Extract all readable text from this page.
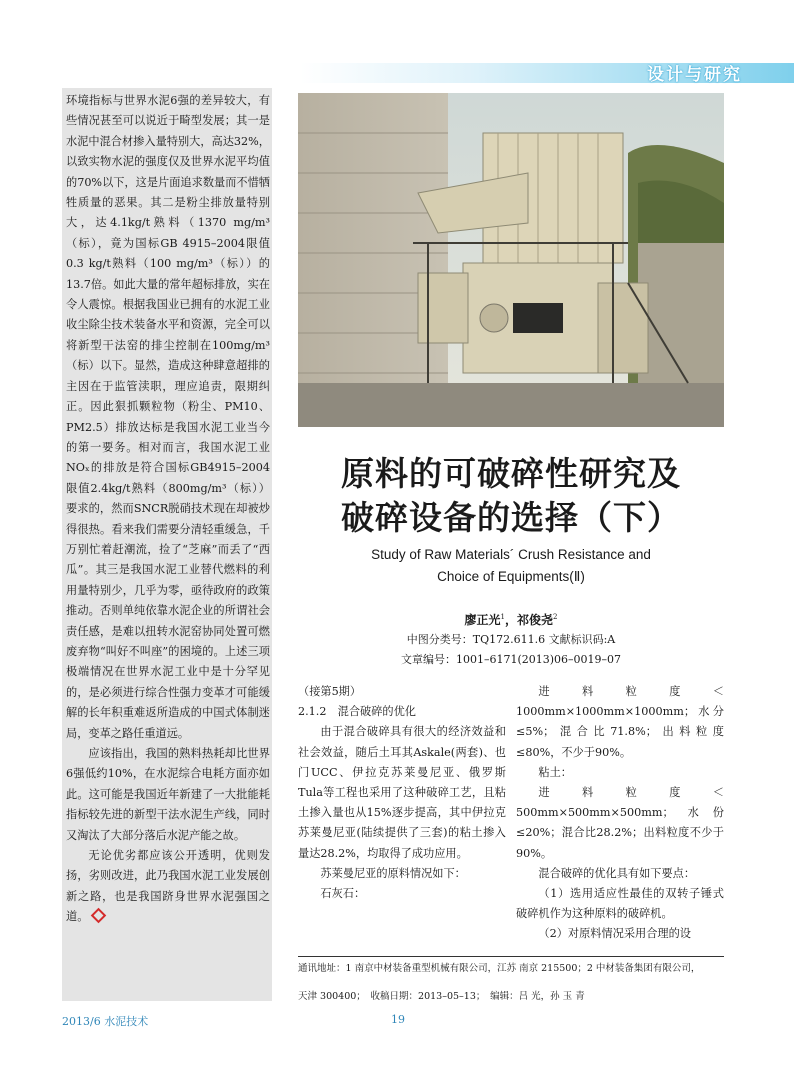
设计与研究

环境指标与世界水泥6强的差异较大，有些情况甚至可以说近于畸型发展；其一是水泥中混合材掺入量特别大，高达32%，以致实物水泥的强度仅及世界水泥平均值的70%以下，这是片面追求数量而不惜牺牲质量的恶果。其二是粉尘排放量特别大，达4.1kg/t熟料（1370 mg/m³（标），竟为国标GB 4915–2004限值0.3 kg/t熟料（100 mg/m³（标））的13.7倍。如此大量的常年超标排放，实在令人震惊。根据我国业已拥有的水泥工业收尘除尘技术装备水平和资源，完全可以将新型干法窑的排尘控制在100mg/m³（标）以下。显然，造成这种肆意超排的主因在于监管渎职，理应追责，限期纠正。因此狠抓颗粒物（粉尘、PM10、PM2.5）排放达标是我国水泥工业当今的第一要务。相对而言，我国水泥工业NOₓ的排放是符合国标GB4915–2004限值2.4kg/t熟料（800mg/m³（标））要求的，然而SNCR脱硝技术现在却被炒得很热。看来我们需要分清轻重缓急，千万别忙着赶潮流，捡了“芝麻”而丢了“西瓜”。其三是我国水泥工业替代燃料的利用量特别少，几乎为零，亟待政府的政策推动。否则单纯依靠水泥企业的所谓社会责任感，是难以扭转水泥窑协同处置可燃废弃物“叫好不叫座”的困境的。上述三项极端情况在世界水泥工业中是十分罕见的，是必须进行综合性强力变革才可能缓解的长年积重难返所造成的中国式体制迷局，变革之路任重道远。

应该指出，我国的熟料热耗却比世界6强低约10%，在水泥综合电耗方面亦如此。这可能是我国近年新建了一大批能耗指标较先进的新型干法水泥生产线，同时又淘汰了大部分落后水泥产能之故。

无论优劣都应该公开透明，优则发扬，劣则改进，此乃我国水泥工业发展创新之路，也是我国跻身世界水泥强国之道。

原料的可破碎性研究及
破碎设备的选择（下）
Study of Raw Materials´ Crush Resistance and
Choice of Equipments(Ⅱ)
廖正光$^1$，祁俊尧$^2$
中图分类号：TQ172.611.6 文献标识码:A
文章编号：1001–6171(2013)06–0019–07

（接第5期）

2.1.2　混合破碎的优化

由于混合破碎具有很大的经济效益和社会效益，随后土耳其Askale(两套)、也门UCC、伊拉克苏莱曼尼亚、俄罗斯Tula等工程也采用了这种破碎工艺，且粘土掺入量也从15%逐步提高，其中伊拉克苏莱曼尼亚(陆续提供了三套)的粘土掺入量达28.2%，均取得了成功应用。

苏莱曼尼亚的原料情况如下：

石灰石：

进料粒度＜1000mm×1000mm×1000mm；水分≤5%；混合比71.8%；出料粒度≤80%，不少于90%。

粘土：

进料粒度＜500mm×500mm×500mm；水份≤20%；混合比28.2%；出料粒度不少于90%。

混合破碎的优化具有如下要点：

（1）选用适应性最佳的双转子锤式破碎机作为这种原料的破碎机。

（2）对原料情况采用合理的设

通讯地址：1 南京中材装备重型机械有限公司，江苏 南京 215500；2 中材装备集团有限公司，
天津 300400；　收稿日期：2013–05–13；　编辑：吕 光，孙 玉 青
2013/6 水泥技术	19
